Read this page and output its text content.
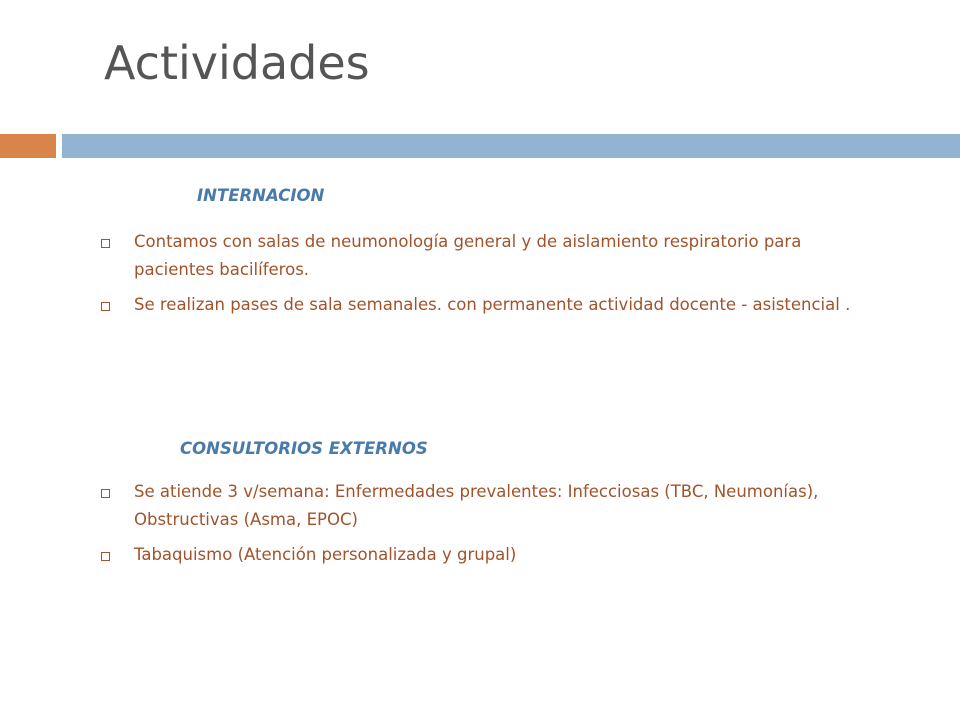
Actividades
INTERNACION
Contamos con salas de neumonología general y de aislamiento respiratorio para pacientes bacilíferos.
Se realizan pases de sala semanales. con permanente actividad docente - asistencial .
CONSULTORIOS EXTERNOS
Se atiende 3 v/semana: Enfermedades prevalentes: Infecciosas (TBC, Neumonías), Obstructivas (Asma, EPOC)
Tabaquismo (Atención personalizada y grupal)
